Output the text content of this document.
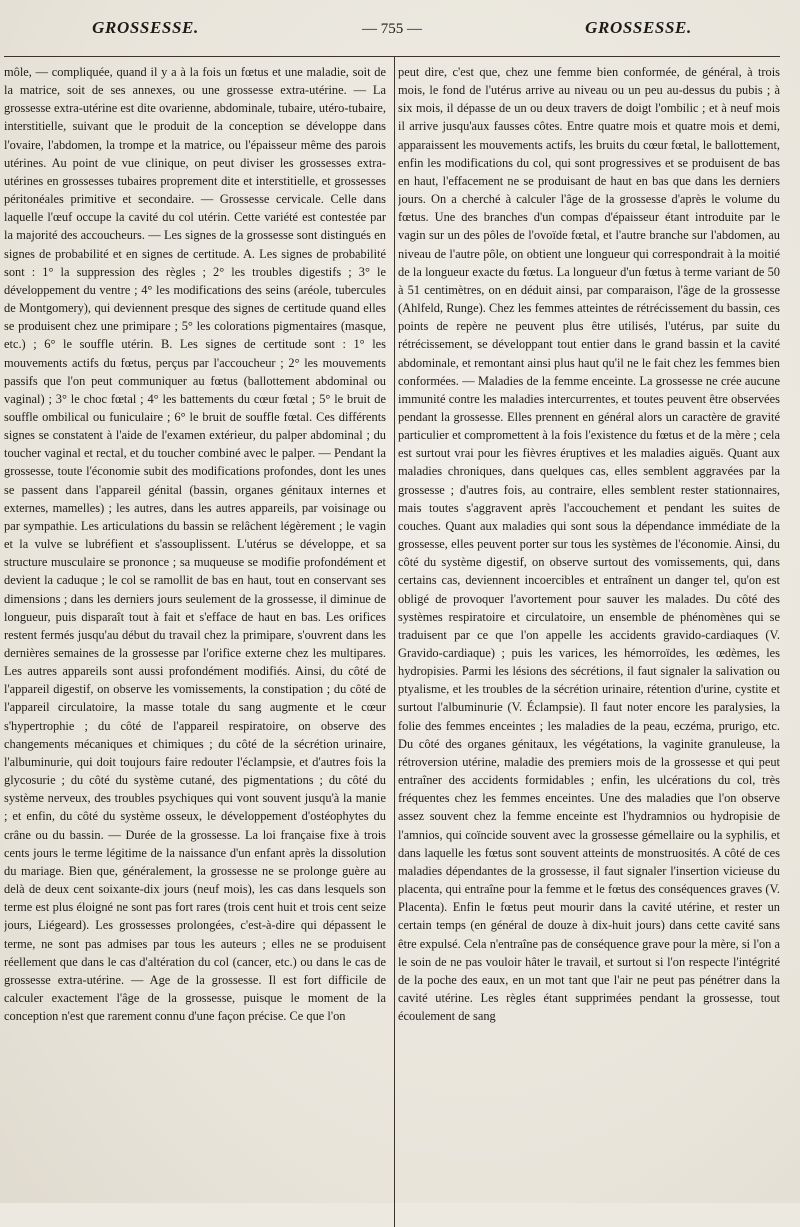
GROSSESSE.	— 755 —	GROSSESSE.

môle, — compliquée, quand il y a à la fois un fœtus et une maladie, soit de la matrice, soit de ses annexes, ou une grossesse extra-utérine. — La grossesse extra-utérine est dite ovarienne, abdominale, tubaire, utéro-tubaire, interstitielle, suivant que le produit de la conception se développe dans l'ovaire, l'abdomen, la trompe et la matrice, ou l'épaisseur même des parois utérines. Au point de vue clinique, on peut diviser les grossesses extra-utérines en grossesses tubaires proprement dite et interstitielle, et grossesses péritonéales primitive et secondaire. — Grossesse cervicale. Celle dans laquelle l'œuf occupe la cavité du col utérin. Cette variété est contestée par la majorité des accoucheurs. — Les signes de la grossesse sont distingués en signes de probabilité et en signes de certitude. A. Les signes de probabilité sont : 1° la suppression des règles ; 2° les troubles digestifs ; 3° le développement du ventre ; 4° les modifications des seins (aréole, tubercules de Montgomery), qui deviennent presque des signes de certitude quand elles se produisent chez une primipare ; 5° les colorations pigmentaires (masque, etc.) ; 6° le souffle utérin. B. Les signes de certitude sont : 1° les mouvements actifs du fœtus, perçus par l'accoucheur ; 2° les mouvements passifs que l'on peut communiquer au fœtus (ballottement abdominal ou vaginal) ; 3° le choc fœtal ; 4° les battements du cœur fœtal ; 5° le bruit de souffle ombilical ou funiculaire ; 6° le bruit de souffle fœtal. Ces différents signes se constatent à l'aide de l'examen extérieur, du palper abdominal ; du toucher vaginal et rectal, et du toucher combiné avec le palper. — Pendant la grossesse, toute l'économie subit des modifications profondes, dont les unes se passent dans l'appareil génital (bassin, organes génitaux internes et externes, mamelles) ; les autres, dans les autres appareils, par voisinage ou par sympathie. Les articulations du bassin se relâchent légèrement ; le vagin et la vulve se lubréfient et s'assouplissent. L'utérus se développe, et sa structure musculaire se prononce ; sa muqueuse se modifie profondément et devient la caduque ; le col se ramollit de bas en haut, tout en conservant ses dimensions ; dans les derniers jours seulement de la grossesse, il diminue de longueur, puis disparaît tout à fait et s'efface de haut en bas. Les orifices restent fermés jusqu'au début du travail chez la primipare, s'ouvrent dans les dernières semaines de la grossesse par l'orifice externe chez les multipares. Les autres appareils sont aussi profondément modifiés. Ainsi, du côté de l'appareil digestif, on observe les vomissements, la constipation ; du côté de l'appareil circulatoire, la masse totale du sang augmente et le cœur s'hypertrophie ; du côté de l'appareil respiratoire, on observe des changements mécaniques et chimiques ; du côté de la sécrétion urinaire, l'albuminurie, qui doit toujours faire redouter l'éclampsie, et d'autres fois la glycosurie ; du côté du système cutané, des pigmentations ; du côté du système nerveux, des troubles psychiques qui vont souvent jusqu'à la manie ; et enfin, du côté du système osseux, le développement d'ostéophytes du crâne ou du bassin. — Durée de la grossesse. La loi française fixe à trois cents jours le terme légitime de la naissance d'un enfant après la dissolution du mariage. Bien que, généralement, la grossesse ne se prolonge guère au delà de deux cent soixante-dix jours (neuf mois), les cas dans lesquels son terme est plus éloigné ne sont pas fort rares (trois cent huit et trois cent seize jours, Liégeard). Les grossesses prolongées, c'est-à-dire qui dépassent le terme, ne sont pas admises par tous les auteurs ; elles ne se produisent réellement que dans le cas d'altération du col (cancer, etc.) ou dans le cas de grossesse extra-utérine. — Age de la grossesse. Il est fort difficile de calculer exactement l'âge de la grossesse, puisque le moment de la conception n'est que rarement connu d'une façon précise. Ce que l'on

peut dire, c'est que, chez une femme bien conformée, de général, à trois mois, le fond de l'utérus arrive au niveau ou un peu au-dessus du pubis ; à six mois, il dépasse de un ou deux travers de doigt l'ombilic ; et à neuf mois il arrive jusqu'aux fausses côtes. Entre quatre mois et quatre mois et demi, apparaissent les mouvements actifs, les bruits du cœur fœtal, le ballottement, enfin les modifications du col, qui sont progressives et se produisent de bas en haut, l'effacement ne se produisant de haut en bas que dans les derniers jours. On a cherché à calculer l'âge de la grossesse d'après le volume du fœtus. Une des branches d'un compas d'épaisseur étant introduite par le vagin sur un des pôles de l'ovoïde fœtal, et l'autre branche sur l'abdomen, au niveau de l'autre pôle, on obtient une longueur qui correspondrait à la moitié de la longueur exacte du fœtus. La longueur d'un fœtus à terme variant de 50 à 51 centimètres, on en déduit ainsi, par comparaison, l'âge de la grossesse (Ahlfeld, Runge). Chez les femmes atteintes de rétrécissement du bassin, ces points de repère ne peuvent plus être utilisés, l'utérus, par suite du rétrécissement, se développant tout entier dans le grand bassin et la cavité abdominale, et remontant ainsi plus haut qu'il ne le fait chez les femmes bien conformées. — Maladies de la femme enceinte. La grossesse ne crée aucune immunité contre les maladies intercurrentes, et toutes peuvent être observées pendant la grossesse. Elles prennent en général alors un caractère de gravité particulier et compromettent à la fois l'existence du fœtus et de la mère ; cela est surtout vrai pour les fièvres éruptives et les maladies aiguës. Quant aux maladies chroniques, dans quelques cas, elles semblent aggravées par la grossesse ; d'autres fois, au contraire, elles semblent rester stationnaires, mais toutes s'aggravent après l'accouchement et pendant les suites de couches. Quant aux maladies qui sont sous la dépendance immédiate de la grossesse, elles peuvent porter sur tous les systèmes de l'économie. Ainsi, du côté du système digestif, on observe surtout des vomissements, qui, dans certains cas, deviennent incoercibles et entraînent un danger tel, qu'on est obligé de provoquer l'avortement pour sauver les malades. Du côté des systèmes respiratoire et circulatoire, un ensemble de phénomènes qui se traduisent par ce que l'on appelle les accidents gravido-cardiaques (V. Gravido-cardiaque) ; puis les varices, les hémorroïdes, les œdèmes, les hydropisies. Parmi les lésions des sécrétions, il faut signaler la salivation ou ptyalisme, et les troubles de la sécrétion urinaire, rétention d'urine, cystite et surtout l'albuminurie (V. Éclampsie). Il faut noter encore les paralysies, la folie des femmes enceintes ; les maladies de la peau, eczéma, prurigo, etc. Du côté des organes génitaux, les végétations, la vaginite granuleuse, la rétroversion utérine, maladie des premiers mois de la grossesse et qui peut entraîner des accidents formidables ; enfin, les ulcérations du col, très fréquentes chez les femmes enceintes. Une des maladies que l'on observe assez souvent chez la femme enceinte est l'hydramnios ou hydropisie de l'amnios, qui coïncide souvent avec la grossesse gémellaire ou la syphilis, et dans laquelle les fœtus sont souvent atteints de monstruosités. A côté de ces maladies dépendantes de la grossesse, il faut signaler l'insertion vicieuse du placenta, qui entraîne pour la femme et le fœtus des conséquences graves (V. Placenta). Enfin le fœtus peut mourir dans la cavité utérine, et rester un certain temps (en général de douze à dix-huit jours) dans cette cavité sans être expulsé. Cela n'entraîne pas de conséquence grave pour la mère, si l'on a le soin de ne pas vouloir hâter le travail, et surtout si l'on respecte l'intégrité de la poche des eaux, en un mot tant que l'air ne peut pas pénétrer dans la cavité utérine. Les règles étant supprimées pendant la grossesse, tout écoulement de sang
